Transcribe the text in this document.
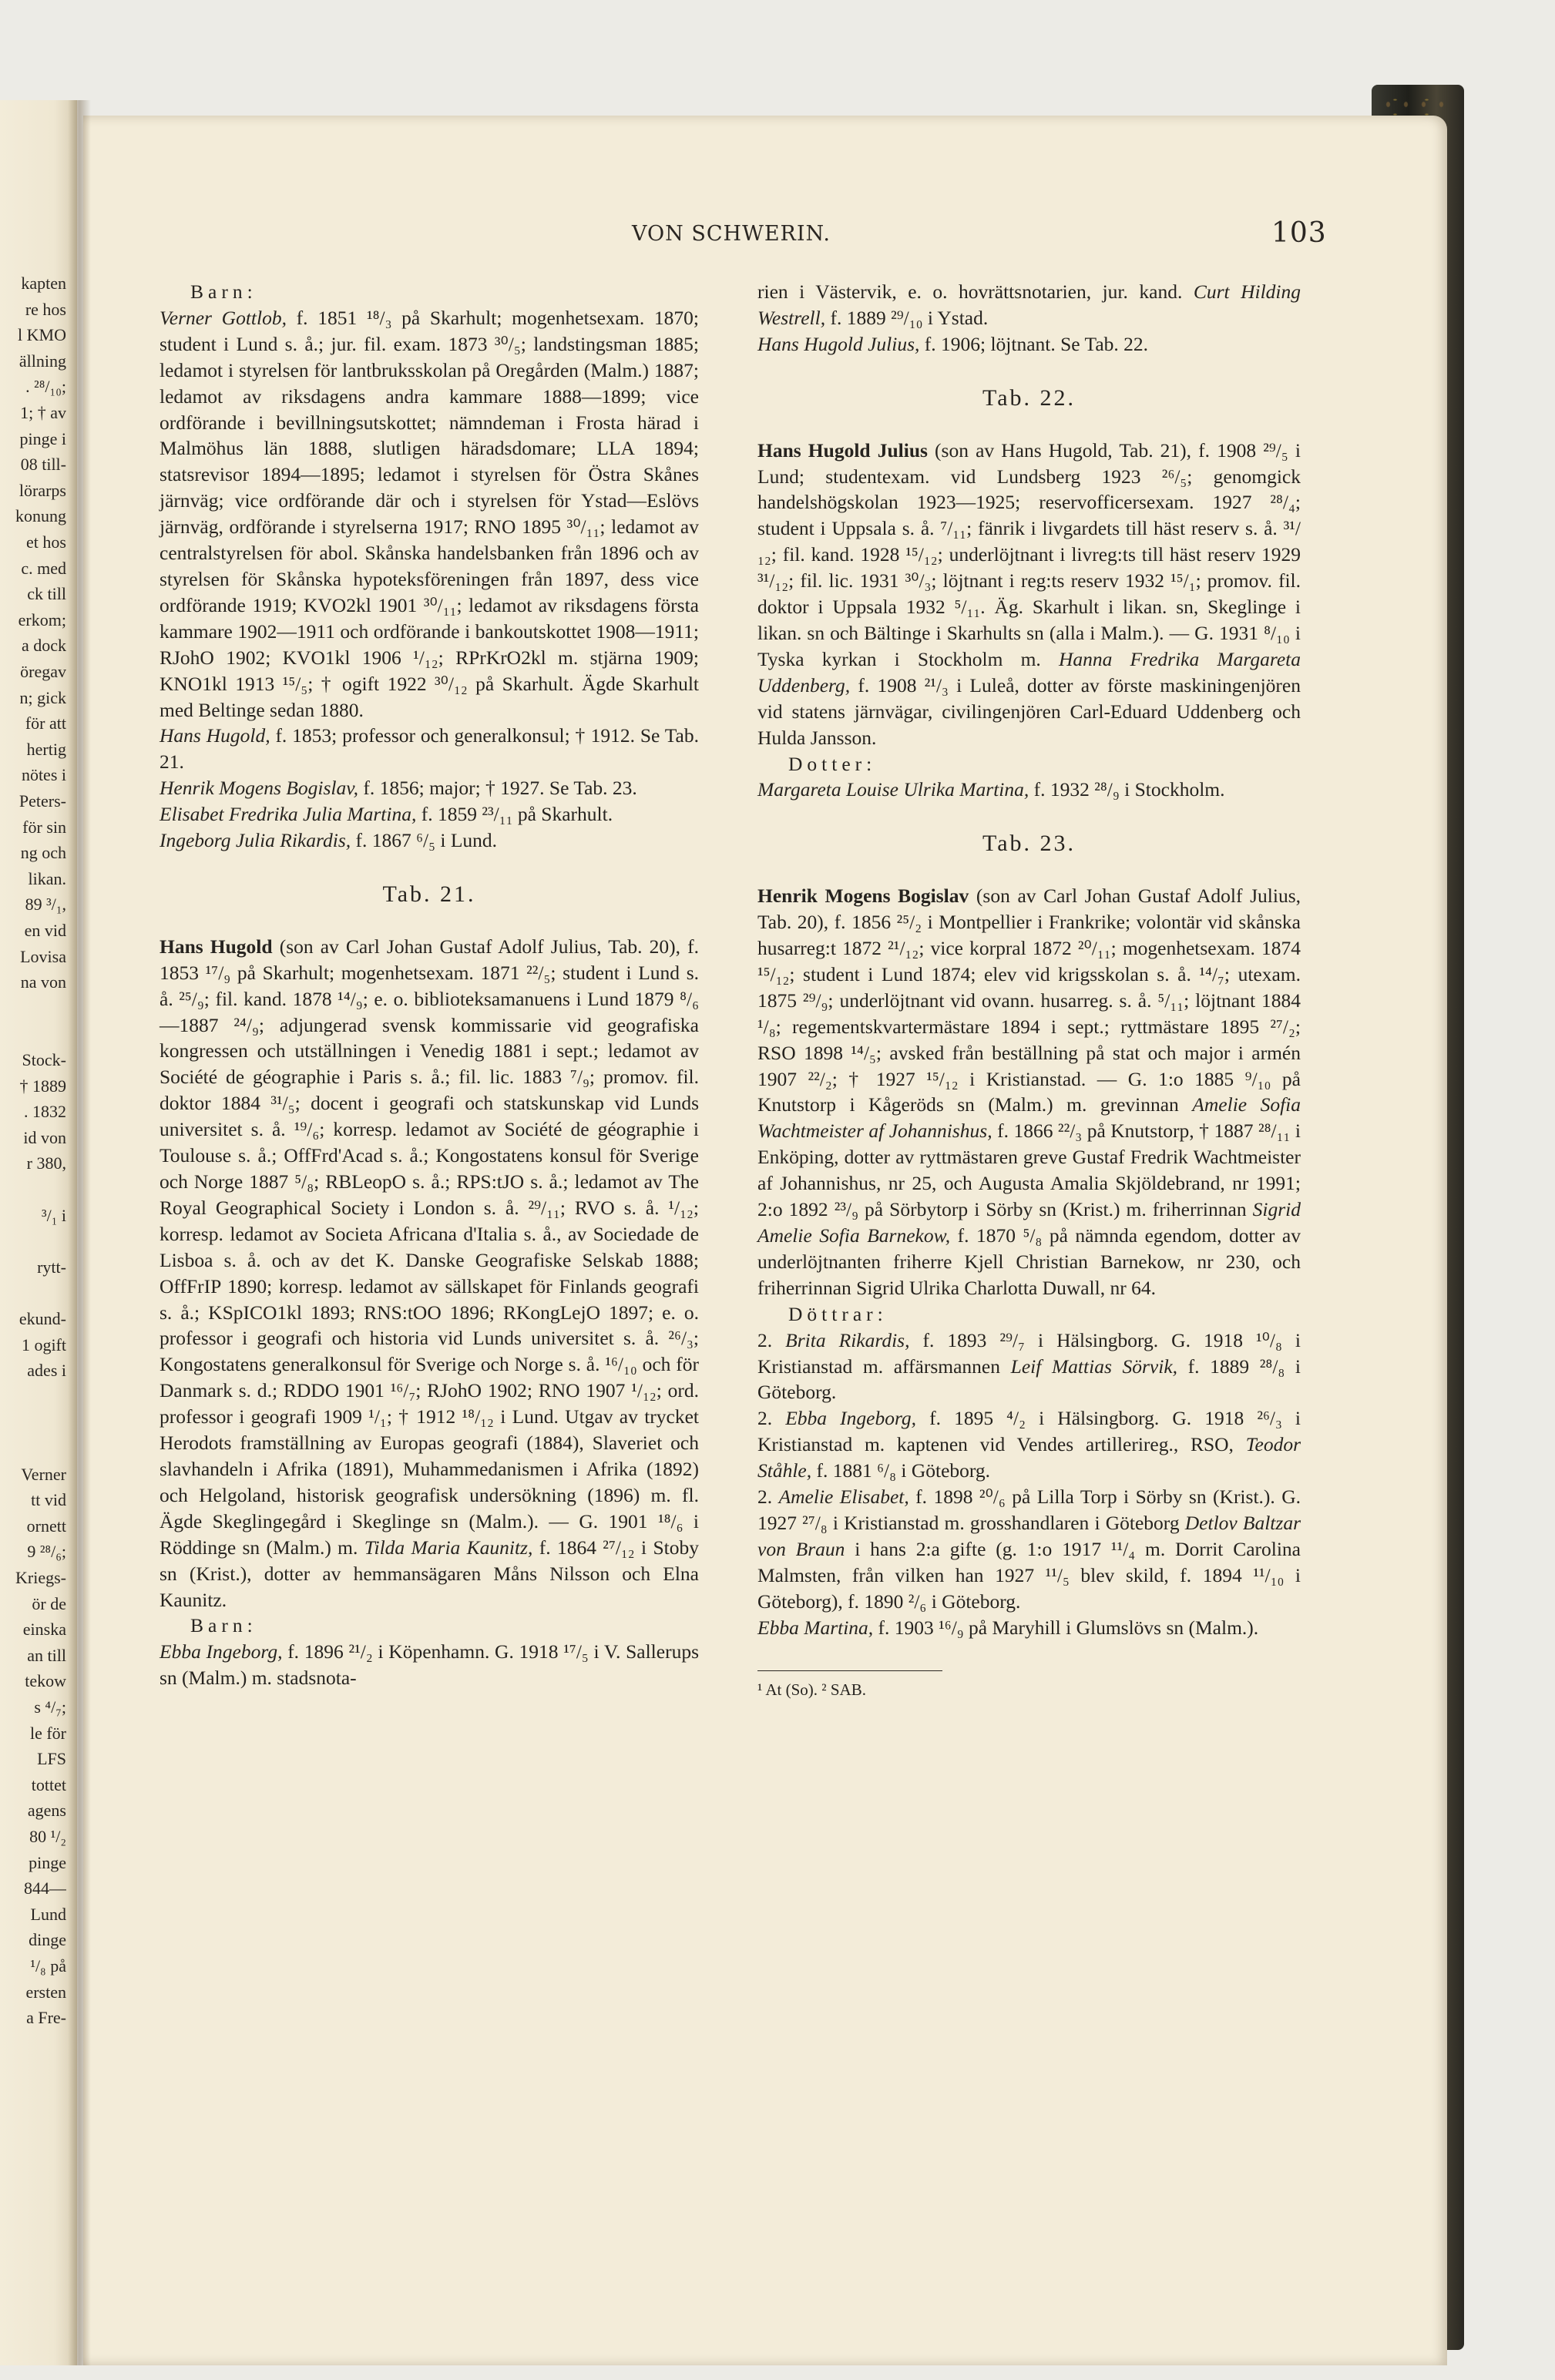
kapten
re hos
l KMO
ällning
. ²⁸/₁₀;
1; † av
pinge i
08 till-
lörarps
konung
et hos
c. med
ck till
erkom;
a dock
öregav
n; gick
för att
hertig
nötes i
Peters-
för sin
ng och
likan.
89 ³/₁,
en vid
Lovisa
na von
Stock-
† 1889
. 1832
id von
r 380,
³/₁ i
rytt-
ekund-
1 ogift
ades i
Verner
tt vid
ornett
9 ²⁸/₆;
Kriegs-
ör de
einska
an till
tekow
s ⁴/₇;
le för
LFS
tottet
agens
80 ¹/₂
pinge
844—
Lund
dinge
¹/₈ på
ersten
a Fre-
VON SCHWERIN.	103

Barn:

Verner Gottlob, f. 1851 ¹⁸/₃ på Skarhult; mogenhetsexam. 1870; student i Lund s. å.; jur. fil. exam. 1873 ³⁰/₅; landstingsman 1885; ledamot i styrelsen för lantbruksskolan på Oregården (Malm.) 1887; ledamot av riksdagens andra kammare 1888—1899; vice ordförande i bevillningsutskottet; nämndeman i Frosta härad i Malmöhus län 1888, slutligen häradsdomare; LLA 1894; statsrevisor 1894—1895; ledamot i styrelsen för Östra Skånes järnväg; vice ordförande där och i styrelsen för Ystad—Eslövs järnväg, ordförande i styrelserna 1917; RNO 1895 ³⁰/₁₁; ledamot av centralstyrelsen för abol. Skånska handelsbanken från 1896 och av styrelsen för Skånska hypoteksföreningen från 1897, dess vice ordförande 1919; KVO2kl 1901 ³⁰/₁₁; ledamot av riksdagens första kammare 1902—1911 och ordförande i bankoutskottet 1908—1911; RJohO 1902; KVO1kl 1906 ¹/₁₂; RPrKrO2kl m. stjärna 1909; KNO1kl 1913 ¹⁵/₅; † ogift 1922 ³⁰/₁₂ på Skarhult. Ägde Skarhult med Beltinge sedan 1880.

Hans Hugold, f. 1853; professor och generalkonsul; † 1912. Se Tab. 21.

Henrik Mogens Bogislav, f. 1856; major; † 1927. Se Tab. 23.

Elisabet Fredrika Julia Martina, f. 1859 ²³/₁₁ på Skarhult.

Ingeborg Julia Rikardis, f. 1867 ⁶/₅ i Lund.

Tab. 21.

Hans Hugold (son av Carl Johan Gustaf Adolf Julius, Tab. 20), f. 1853 ¹⁷/₉ på Skarhult; mogenhetsexam. 1871 ²²/₅; student i Lund s. å. ²⁵/₉; fil. kand. 1878 ¹⁴/₉; e. o. biblioteksamanuens i Lund 1879 ⁸/₆—1887 ²⁴/₉; adjungerad svensk kommissarie vid geografiska kongressen och utställningen i Venedig 1881 i sept.; ledamot av Société de géographie i Paris s. å.; fil. lic. 1883 ⁷/₉; promov. fil. doktor 1884 ³¹/₅; docent i geografi och statskunskap vid Lunds universitet s. å. ¹⁹/₆; korresp. ledamot av Société de géographie i Toulouse s. å.; OffFrd'Acad s. å.; Kongostatens konsul för Sverige och Norge 1887 ⁵/₈; RBLeopO s. å.; RPS:tJO s. å.; ledamot av The Royal Geographical Society i London s. å. ²⁹/₁₁; RVO s. å. ¹/₁₂; korresp. ledamot av Societa Africana d'Italia s. å., av Sociedade de Lisboa s. å. och av det K. Danske Geografiske Selskab 1888; OffFrIP 1890; korresp. ledamot av sällskapet för Finlands geografi s. å.; KSpICO1kl 1893; RNS:tOO 1896; RKongLejO 1897; e. o. professor i geografi och historia vid Lunds universitet s. å. ²⁶/₃; Kongostatens generalkonsul för Sverige och Norge s. å. ¹⁶/₁₀ och för Danmark s. d.; RDDO 1901 ¹⁶/₇; RJohO 1902; RNO 1907 ¹/₁₂; ord. professor i geografi 1909 ¹/₁; † 1912 ¹⁸/₁₂ i Lund. Utgav av trycket Herodots framställning av Europas geografi (1884), Slaveriet och slavhandeln i Afrika (1891), Muhammedanismen i Afrika (1892) och Helgoland, historisk geografisk undersökning (1896) m. fl. Ägde Skeglingegård i Skeglinge sn (Malm.). — G. 1901 ¹⁸/₆ i Röddinge sn (Malm.) m. Tilda Maria Kaunitz, f. 1864 ²⁷/₁₂ i Stoby sn (Krist.), dotter av hemmansägaren Måns Nilsson och Elna Kaunitz.

Barn:

Ebba Ingeborg, f. 1896 ²¹/₂ i Köpenhamn. G. 1918 ¹⁷/₅ i V. Sallerups sn (Malm.) m. stadsnota-

rien i Västervik, e. o. hovrättsnotarien, jur. kand. Curt Hilding Westrell, f. 1889 ²⁹/₁₀ i Ystad.

Hans Hugold Julius, f. 1906; löjtnant. Se Tab. 22.

Tab. 22.

Hans Hugold Julius (son av Hans Hugold, Tab. 21), f. 1908 ²⁹/₅ i Lund; studentexam. vid Lundsberg 1923 ²⁶/₅; genomgick handelshögskolan 1923—1925; reservofficersexam. 1927 ²⁸/₄; student i Uppsala s. å. ⁷/₁₁; fänrik i livgardets till häst reserv s. å. ³¹/₁₂; fil. kand. 1928 ¹⁵/₁₂; underlöjtnant i livreg:ts till häst reserv 1929 ³¹/₁₂; fil. lic. 1931 ³⁰/₃; löjtnant i reg:ts reserv 1932 ¹⁵/₁; promov. fil. doktor i Uppsala 1932 ⁵/₁₁. Äg. Skarhult i likan. sn, Skeglinge i likan. sn och Bältinge i Skarhults sn (alla i Malm.). — G. 1931 ⁸/₁₀ i Tyska kyrkan i Stockholm m. Hanna Fredrika Margareta Uddenberg, f. 1908 ²¹/₃ i Luleå, dotter av förste maskiningenjören vid statens järnvägar, civilingenjören Carl-Eduard Uddenberg och Hulda Jansson.

Dotter:

Margareta Louise Ulrika Martina, f. 1932 ²⁸/₉ i Stockholm.

Tab. 23.

Henrik Mogens Bogislav (son av Carl Johan Gustaf Adolf Julius, Tab. 20), f. 1856 ²⁵/₂ i Montpellier i Frankrike; volontär vid skånska husarreg:t 1872 ²¹/₁₂; vice korpral 1872 ²⁰/₁₁; mogenhetsexam. 1874 ¹⁵/₁₂; student i Lund 1874; elev vid krigsskolan s. å. ¹⁴/₇; utexam. 1875 ²⁹/₉; underlöjtnant vid ovann. husarreg. s. å. ⁵/₁₁; löjtnant 1884 ¹/₈; regementskvartermästare 1894 i sept.; ryttmästare 1895 ²⁷/₂; RSO 1898 ¹⁴/₅; avsked från beställning på stat och major i armén 1907 ²²/₂; † 1927 ¹⁵/₁₂ i Kristianstad. — G. 1:o 1885 ⁹/₁₀ på Knutstorp i Kågeröds sn (Malm.) m. grevinnan Amelie Sofia Wachtmeister af Johannishus, f. 1866 ²²/₃ på Knutstorp, † 1887 ²⁸/₁₁ i Enköping, dotter av ryttmästaren greve Gustaf Fredrik Wachtmeister af Johannishus, nr 25, och Augusta Amalia Skjöldebrand, nr 1991; 2:o 1892 ²³/₉ på Sörbytorp i Sörby sn (Krist.) m. friherrinnan Sigrid Amelie Sofia Barnekow, f. 1870 ⁵/₈ på nämnda egendom, dotter av underlöjtnanten friherre Kjell Christian Barnekow, nr 230, och friherrinnan Sigrid Ulrika Charlotta Duwall, nr 64.

Döttrar:

2. Brita Rikardis, f. 1893 ²⁹/₇ i Hälsingborg. G. 1918 ¹⁰/₈ i Kristianstad m. affärsmannen Leif Mattias Sörvik, f. 1889 ²⁸/₈ i Göteborg.

2. Ebba Ingeborg, f. 1895 ⁴/₂ i Hälsingborg. G. 1918 ²⁶/₃ i Kristianstad m. kaptenen vid Vendes artillerireg., RSO, Teodor Ståhle, f. 1881 ⁶/₈ i Göteborg.

2. Amelie Elisabet, f. 1898 ²⁰/₆ på Lilla Torp i Sörby sn (Krist.). G. 1927 ²⁷/₈ i Kristianstad m. grosshandlaren i Göteborg Detlov Baltzar von Braun i hans 2:a gifte (g. 1:o 1917 ¹¹/₄ m. Dorrit Carolina Malmsten, från vilken han 1927 ¹¹/₅ blev skild, f. 1894 ¹¹/₁₀ i Göteborg), f. 1890 ²/₆ i Göteborg.

Ebba Martina, f. 1903 ¹⁶/₉ på Maryhill i Glumslövs sn (Malm.).

¹ At (So). ² SAB.
